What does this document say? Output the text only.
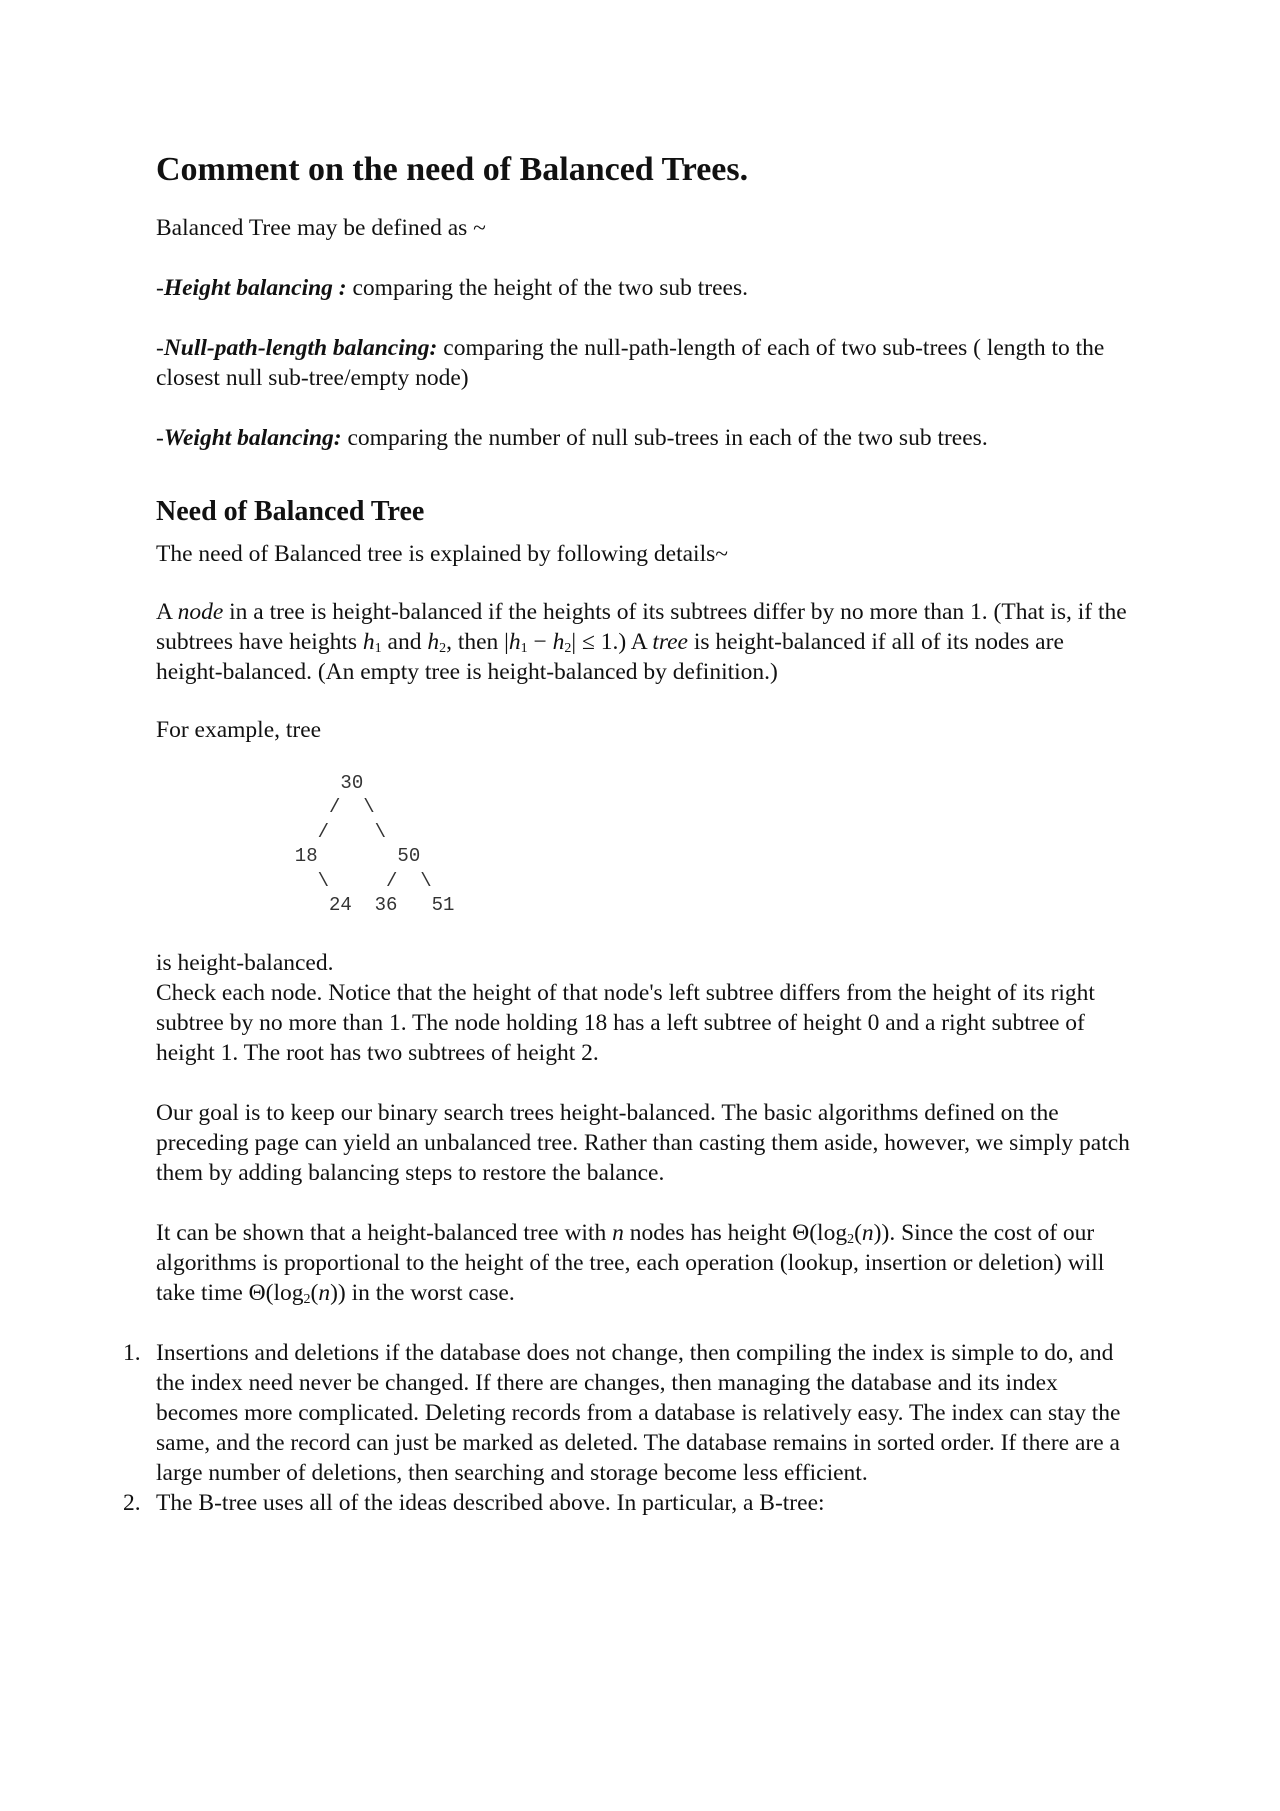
Comment on the need of Balanced Trees.

Balanced Tree may be defined as ~

-Height balancing : comparing the height of the two sub trees.

-Null-path-length balancing: comparing the null-path-length of each of two sub-trees ( length to the closest null sub-tree/empty node)

-Weight balancing: comparing the number of null sub-trees in each of the two sub trees.

Need of Balanced Tree

The need of Balanced tree is explained by following details~

A node in a tree is height-balanced if the heights of its subtrees differ by no more than 1. (That is, if the subtrees have heights $h_1$ and $h_2$, then $|h_1 - h_2| \le 1$.) A tree is height-balanced if all of its nodes are height-balanced. (An empty tree is height-balanced by definition.)

For example, tree

30
/  \
/    \
18       50
\     /  \
24  36   51

is height-balanced.

Check each node. Notice that the height of that node's left subtree differs from the height of its right subtree by no more than 1. The node holding 18 has a left subtree of height 0 and a right subtree of height 1. The root has two subtrees of height 2.

Our goal is to keep our binary search trees height-balanced. The basic algorithms defined on the preceding page can yield an unbalanced tree. Rather than casting them aside, however, we simply patch them by adding balancing steps to restore the balance.

It can be shown that a height-balanced tree with n nodes has height $\Theta(\log_2(n))$. Since the cost of our algorithms is proportional to the height of the tree, each operation (lookup, insertion or deletion) will take time $\Theta(\log_2(n))$ in the worst case.

1. Insertions and deletions if the database does not change, then compiling the index is simple to do, and the index need never be changed. If there are changes, then managing the database and its index becomes more complicated. Deleting records from a database is relatively easy. The index can stay the same, and the record can just be marked as deleted. The database remains in sorted order. If there are a large number of deletions, then searching and storage become less efficient.
2. The B-tree uses all of the ideas described above. In particular, a B-tree:
